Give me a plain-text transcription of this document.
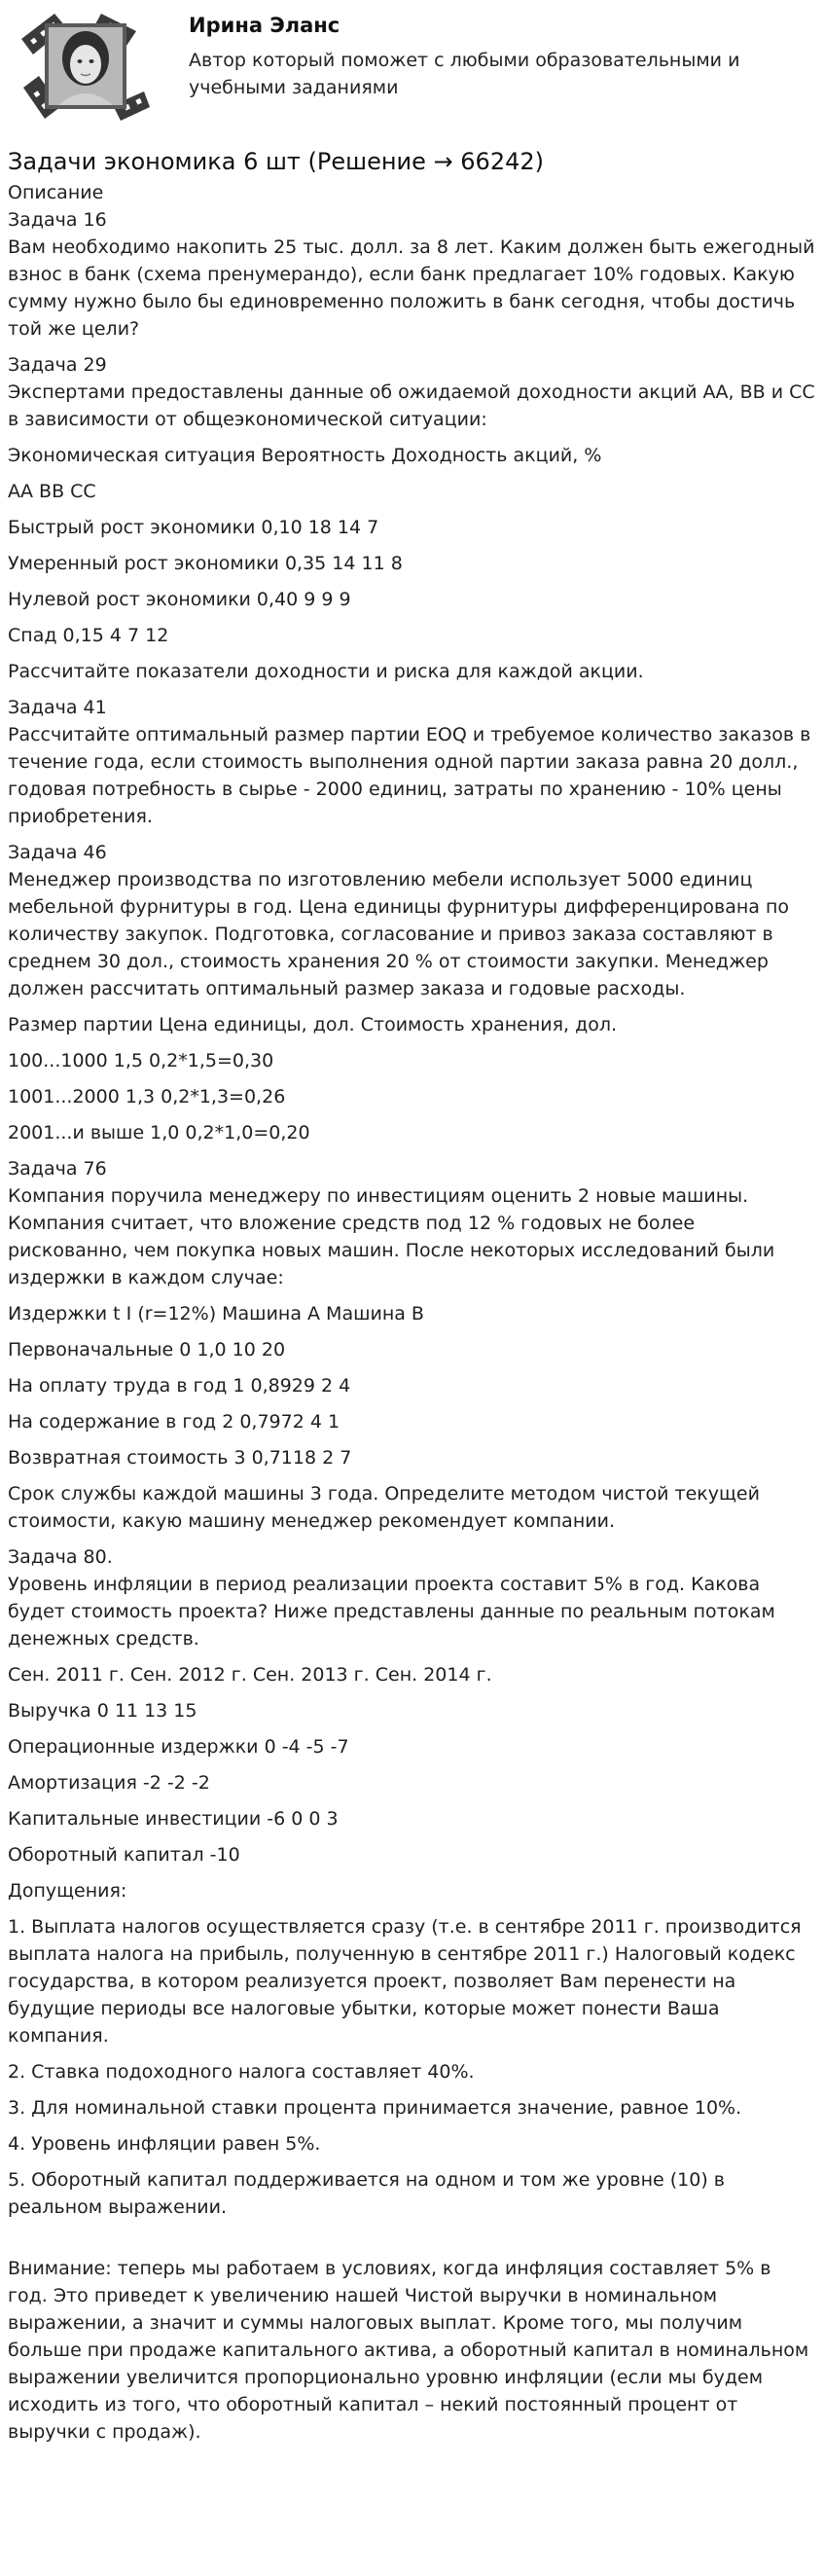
Ирина Эланс
Автор который поможет с любыми образовательными и учебными заданиями
Задачи экономика 6 шт (Решение → 66242)
Описание
Задача 16

Вам необходимо накопить 25 тыс. долл. за 8 лет. Каким должен быть ежегодный взнос в банк (схема пренумерандо), если банк предлагает 10% годовых. Какую сумму нужно было бы единовременно положить в банк сегодня, чтобы достичь той же цели?

Задача 29

Экспертами предоставлены данные об ожидаемой доходности акций АА, ВВ и СС в зависимости от общеэкономической ситуации:

Экономическая ситуация Вероятность Доходность акций, %

АА ВВ СС

Быстрый рост экономики 0,10 18 14 7

Умеренный рост экономики 0,35 14 11 8

Нулевой рост экономики 0,40 9 9 9

Спад 0,15 4 7 12

Рассчитайте показатели доходности и риска для каждой акции.

Задача 41

Рассчитайте оптимальный размер партии EOQ и требуемое количество заказов в течение года, если стоимость выполнения одной партии заказа равна 20 долл., годовая потребность в сырье - 2000 единиц, затраты по хранению - 10% цены приобретения.

Задача 46

Менеджер производства по изготовлению мебели использует 5000 единиц мебельной фурнитуры в год. Цена единицы фурнитуры дифференцирована по количеству закупок. Подготовка, согласование и привоз заказа составляют в среднем 30 дол., стоимость хранения 20 % от стоимости закупки. Менеджер должен рассчитать оптимальный размер заказа и годовые расходы.

Размер партии Цена единицы, дол. Стоимость хранения, дол.

100...1000 1,5 0,2*1,5=0,30

1001...2000 1,3 0,2*1,3=0,26

2001...и выше 1,0 0,2*1,0=0,20

Задача 76

Компания поручила менеджеру по инвестициям оценить 2 новые машины. Компания считает, что вложение средств под 12 % годовых не более рискованно, чем покупка новых машин. После некоторых исследований были издержки в каждом случае:

Издержки t I (r=12%) Машина А Машина В

Первоначальные 0 1,0 10 20

На оплату труда в год 1 0,8929 2 4

На содержание в год 2 0,7972 4 1

Возвратная стоимость 3 0,7118 2 7

Срок службы каждой машины 3 года. Определите методом чистой текущей стоимости, какую машину менеджер рекомендует компании.

Задача 80.

Уровень инфляции в период реализации проекта составит 5% в год. Какова будет стоимость проекта? Ниже представлены данные по реальным потокам денежных средств.

Сен. 2011 г. Сен. 2012 г. Сен. 2013 г. Сен. 2014 г.

Выручка 0 11 13 15

Операционные издержки 0 -4 -5 -7

Амортизация -2 -2 -2

Капитальные инвестиции -6 0 0 3

Оборотный капитал -10

Допущения:

1. Выплата налогов осуществляется сразу (т.е. в сентябре 2011 г. производится выплата налога на прибыль, полученную в сентябре 2011 г.) Налоговый кодекс государства, в котором реализуется проект, позволяет Вам перенести на будущие периоды все налоговые убытки, которые может понести Ваша компания.

2. Ставка подоходного налога составляет 40%.

3. Для номинальной ставки процента принимается значение, равное 10%.

4. Уровень инфляции равен 5%.

5. Оборотный капитал поддерживается на одном и том же уровне (10) в реальном выражении.

Внимание: теперь мы работаем в условиях, когда инфляция составляет 5% в год. Это приведет к увеличению нашей Чистой выручки в номинальном выражении, а значит и суммы налоговых выплат. Кроме того, мы получим больше при продаже капитального актива, а оборотный капитал в номинальном выражении увеличится пропорционально уровню инфляции (если мы будем исходить из того, что оборотный капитал – некий постоянный процент от выручки с продаж).
